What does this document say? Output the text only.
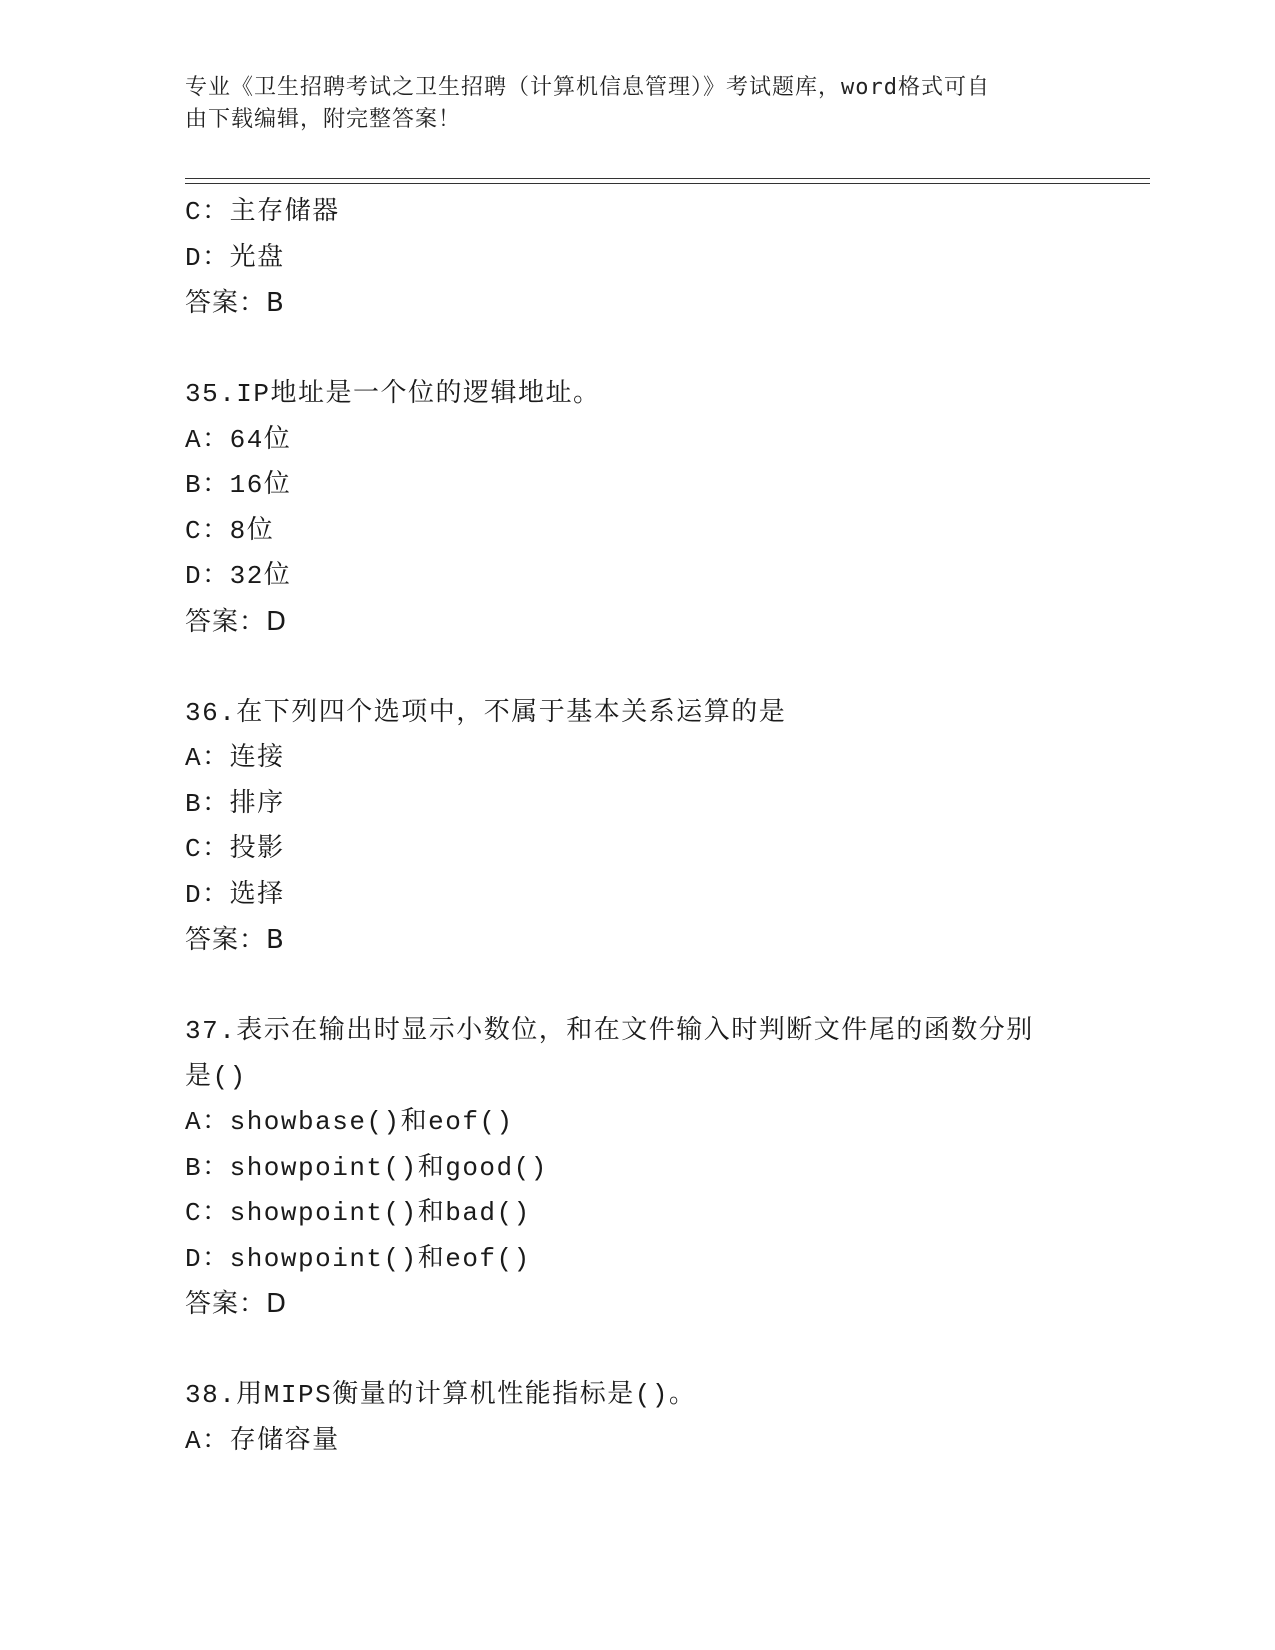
专业《卫生招聘考试之卫生招聘（计算机信息管理）》考试题库，word格式可自
由下载编辑，附完整答案！
C：主存储器
D：光盘
答案：B
35.IP地址是一个位的逻辑地址。
A：64位
B：16位
C：8位
D：32位
答案：D
36.在下列四个选项中，不属于基本关系运算的是
A：连接
B：排序
C：投影
D：选择
答案：B
37.表示在输出时显示小数位，和在文件输入时判断文件尾的函数分别
是()
A：showbase()和eof()
B：showpoint()和good()
C：showpoint()和bad()
D：showpoint()和eof()
答案：D
38.用MIPS衡量的计算机性能指标是()。
A：存储容量
